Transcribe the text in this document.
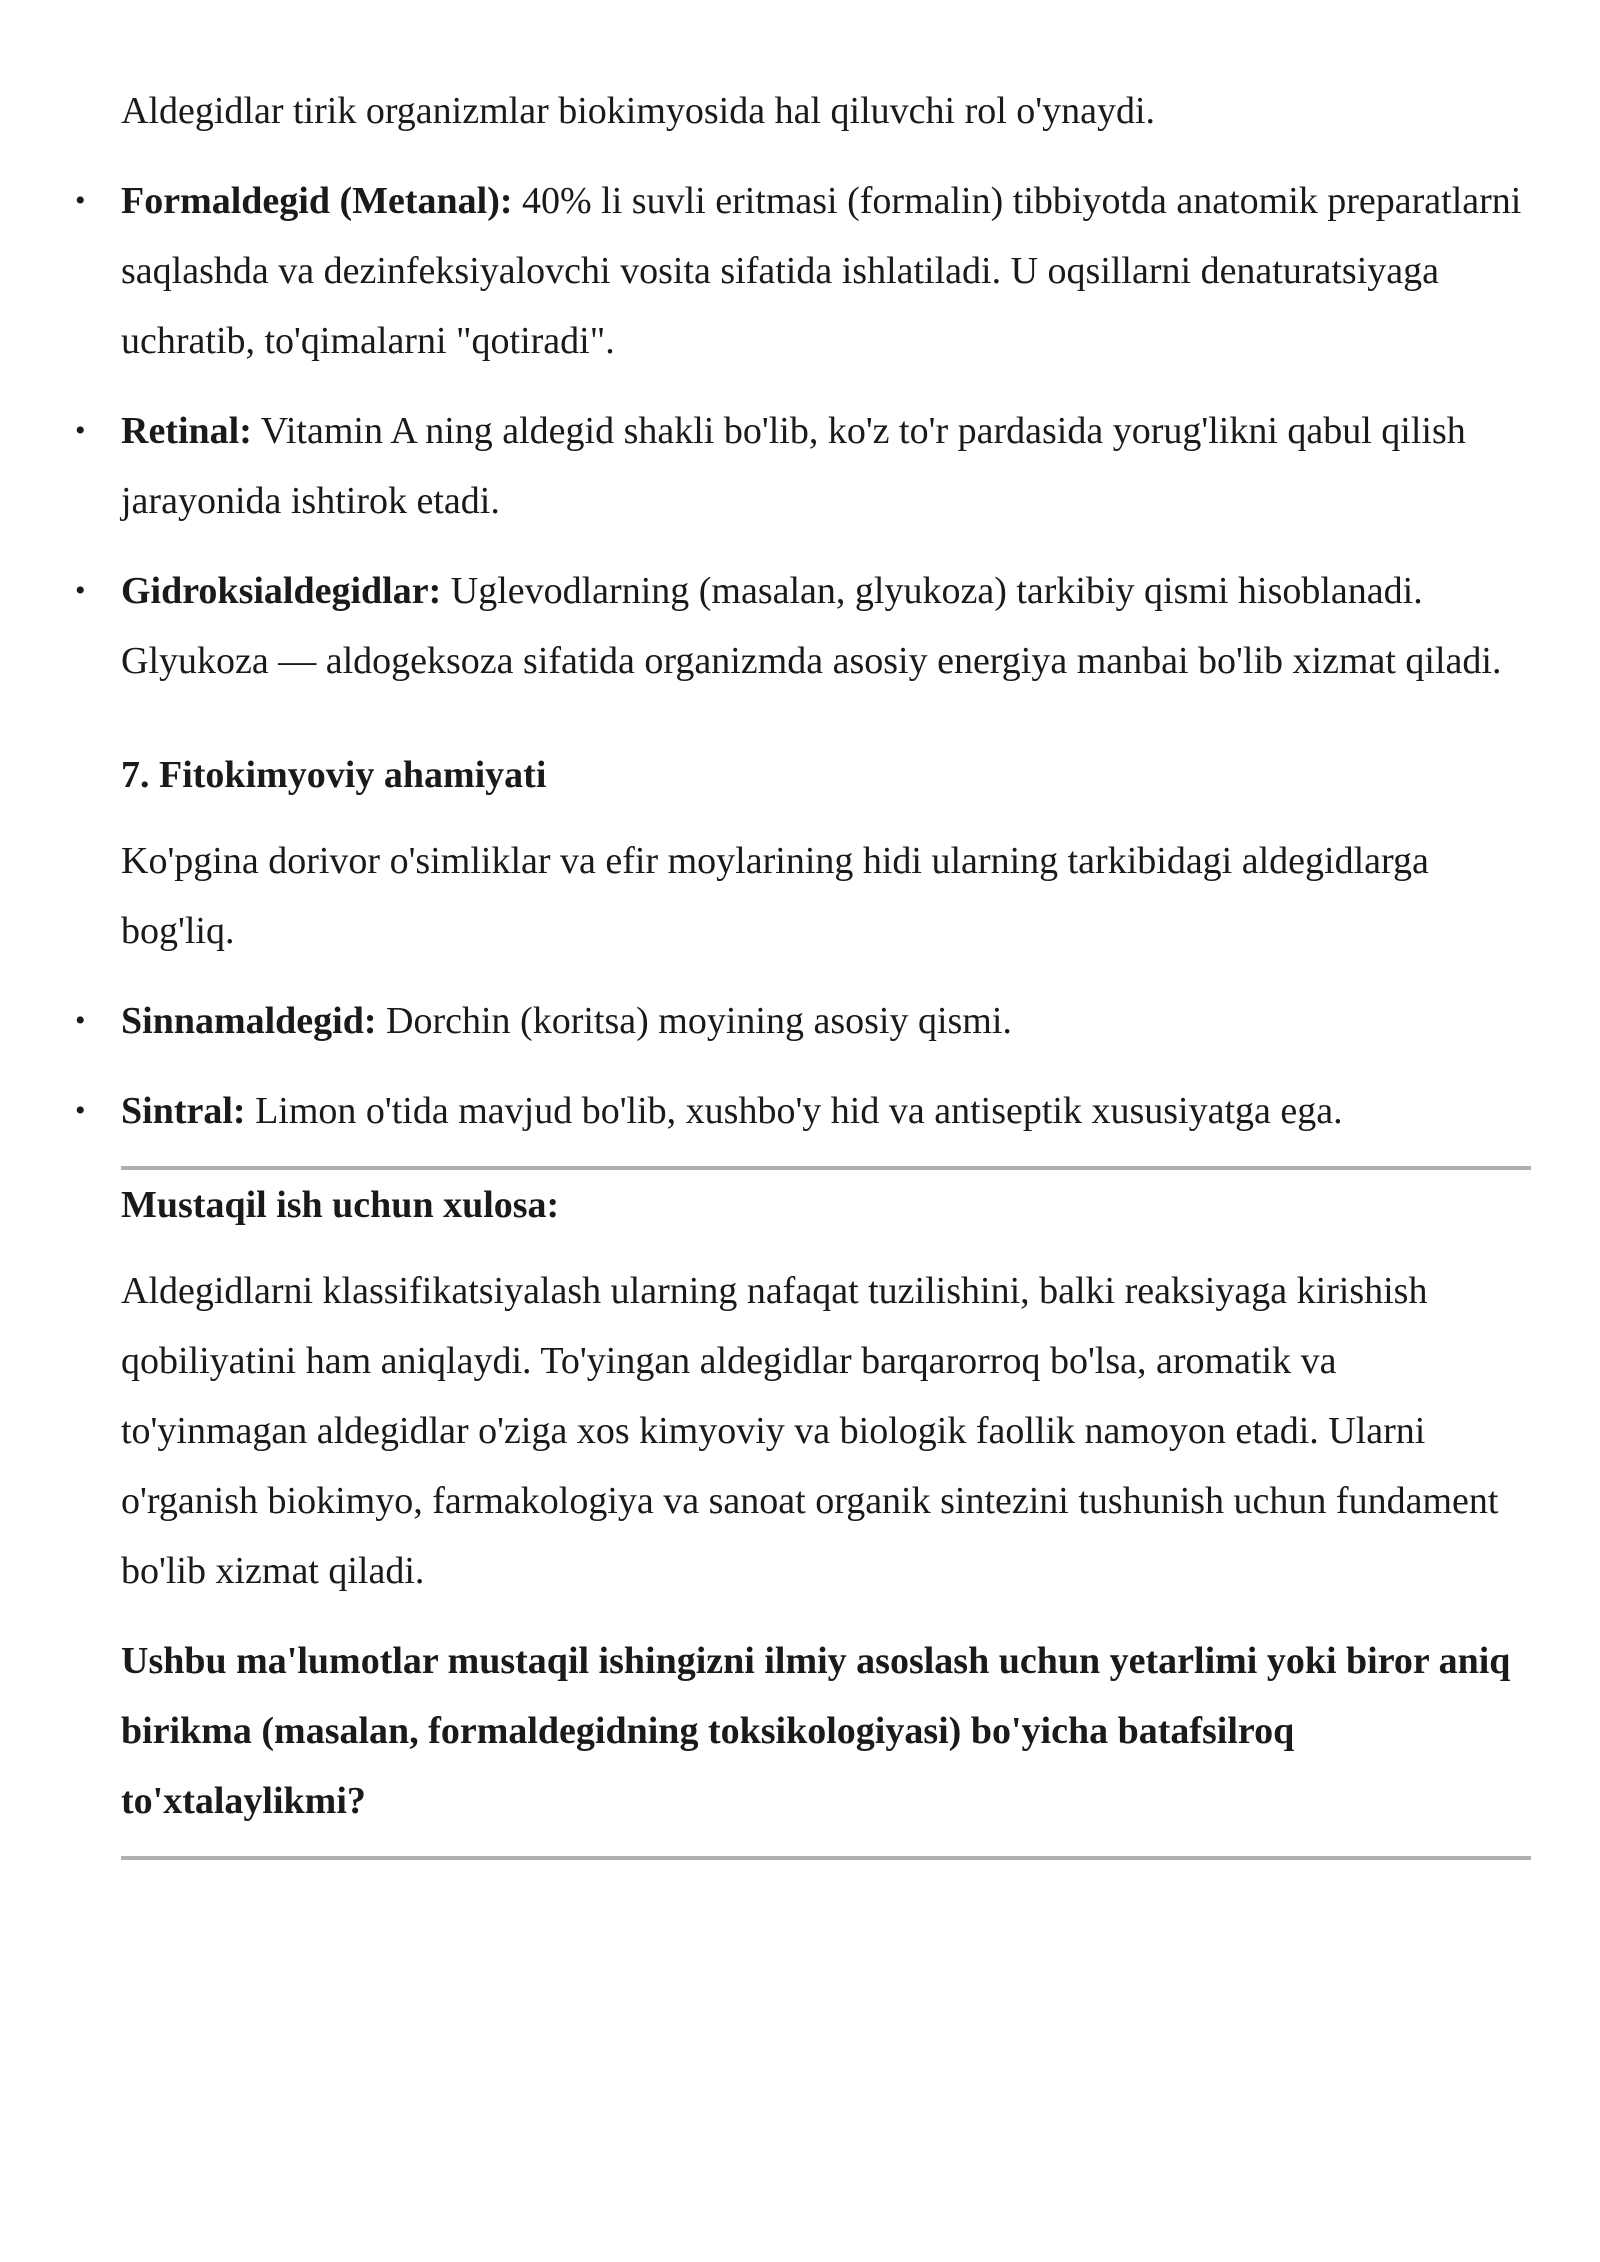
Aldegidlar tirik organizmlar biokimyosida hal qiluvchi rol o'ynaydi.

• Formaldegid (Metanal): 40% li suvli eritmasi (formalin) tibbiyotda anatomik preparatlarni saqlashda va dezinfeksiyalovchi vosita sifatida ishlatiladi. U oqsillarni denaturatsiyaga uchratib, to'qimalarni "qotiradi".
• Retinal: Vitamin A ning aldegid shakli bo'lib, ko'z to'r pardasida yorug'likni qabul qilish jarayonida ishtirok etadi.
• Gidroksialdegidlar: Uglevodlarning (masalan, glyukoza) tarkibiy qismi hisoblanadi. Glyukoza — aldogeksoza sifatida organizmda asosiy energiya manbai bo'lib xizmat qiladi.

7. Fitokimyoviy ahamiyati

Ko'pgina dorivor o'simliklar va efir moylarining hidi ularning tarkibidagi aldegidlarga bog'liq.

• Sinnamaldegid: Dorchin (koritsa) moyining asosiy qismi.
• Sintral: Limon o'tida mavjud bo'lib, xushbo'y hid va antiseptik xususiyatga ega.

Mustaqil ish uchun xulosa:

Aldegidlarni klassifikatsiyalash ularning nafaqat tuzilishini, balki reaksiyaga kirishish qobiliyatini ham aniqlaydi. To'yingan aldegidlar barqarorroq bo'lsa, aromatik va to'yinmagan aldegidlar o'ziga xos kimyoviy va biologik faollik namoyon etadi. Ularni o'rganish biokimyo, farmakologiya va sanoat organik sintezini tushunish uchun fundament bo'lib xizmat qiladi.

Ushbu ma'lumotlar mustaqil ishingizni ilmiy asoslash uchun yetarlimi yoki biror aniq birikma (masalan, formaldegidning toksikologiyasi) bo'yicha batafsilroq to'xtalaylikmi?
